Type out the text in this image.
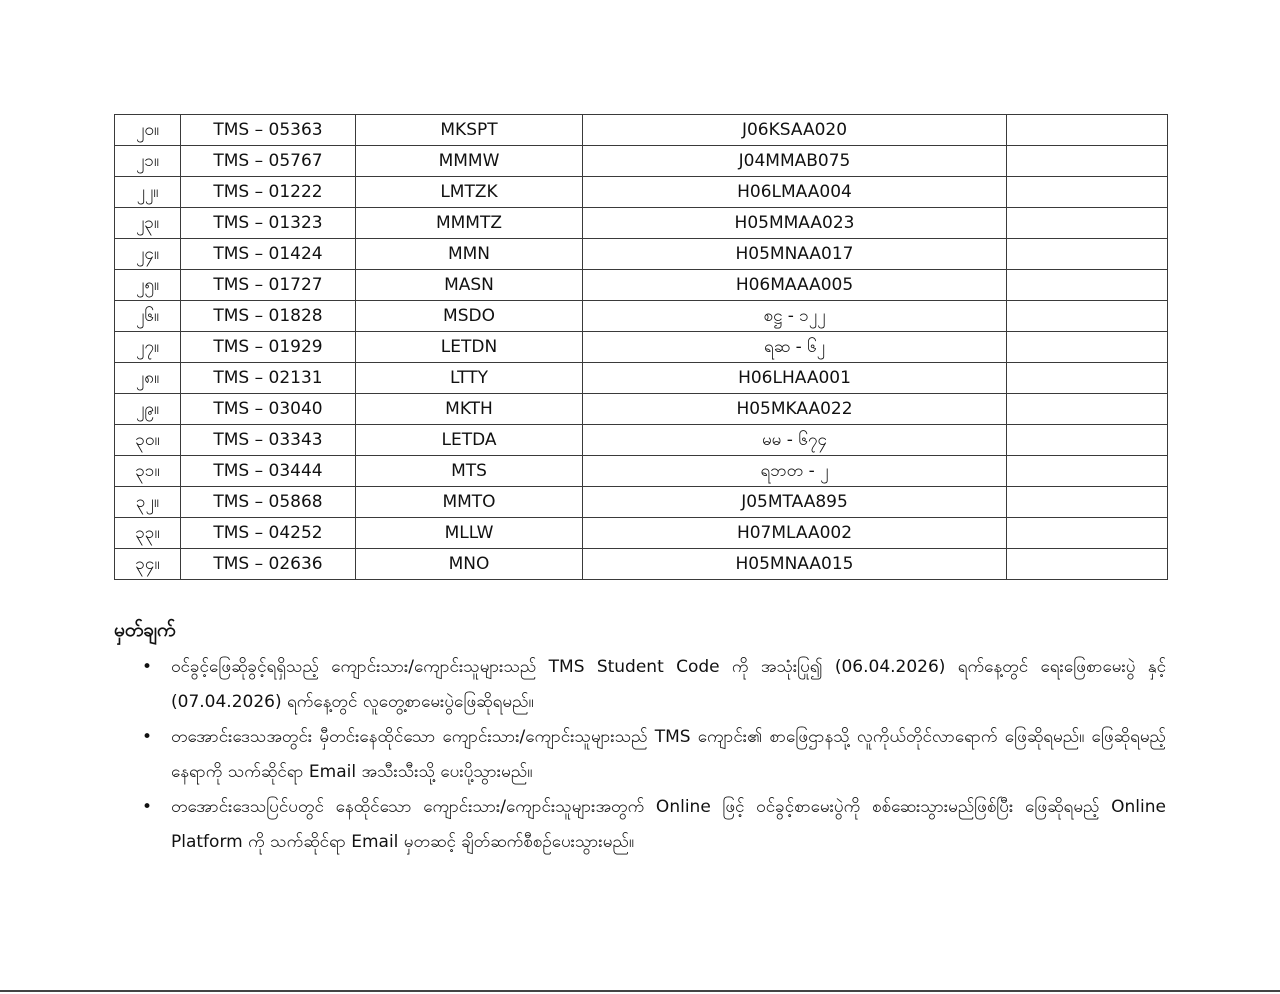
၂၀။	TMS – 05363	MKSPT	J06KSAA020	
၂၁။	TMS – 05767	MMMW	J04MMAB075	
၂၂။	TMS – 01222	LMTZK	H06LMAA004	
၂၃။	TMS – 01323	MMMTZ	H05MMAA023	
၂၄။	TMS – 01424	MMN	H05MNAA017	
၂၅။	TMS – 01727	MASN	H06MAAA005	
၂၆။	TMS – 01828	MSDO	စဋ္ဌ - ၁၂၂	
၂၇။	TMS – 01929	LETDN	ရဆ - ၆၂	
၂၈။	TMS – 02131	LTTY	H06LHAA001	
၂၉။	TMS – 03040	MKTH	H05MKAA022	
၃၀။	TMS – 03343	LETDA	မမ - ၆၇၄	
၃၁။	TMS – 03444	MTS	ရဘတ - ၂	
၃၂။	TMS – 05868	MMTO	J05MTAA895	
၃၃။	TMS – 04252	MLLW	H07MLAA002	
၃၄။	TMS – 02636	MNO	H05MNAA015	
မှတ်ချက်
• ဝင်ခွင့်ဖြေဆိုခွင့်ရရှိသည့် ကျောင်းသား/ကျောင်းသူများသည် TMS Student Code ကို အသုံးပြု၍ (06.04.2026) ရက်နေ့တွင် ရေးဖြေစာမေးပွဲ နှင့် (07.04.2026) ရက်နေ့တွင် လူတွေ့စာမေးပွဲဖြေဆိုရမည်။
• တအောင်းဒေသအတွင်း မှီတင်းနေထိုင်သော ကျောင်းသား/ကျောင်းသူများသည် TMS ကျောင်း၏ စာဖြေဌာနသို့ လူကိုယ်တိုင်လာရောက် ဖြေဆိုရမည်။ ဖြေဆိုရမည့်နေရာကို သက်ဆိုင်ရာ Email အသီးသီးသို့ ပေးပို့သွားမည်။
• တအောင်းဒေသပြင်ပတွင် နေထိုင်သော ကျောင်းသား/ကျောင်းသူများအတွက် Online ဖြင့် ဝင်ခွင့်စာမေးပွဲကို စစ်ဆေးသွားမည်ဖြစ်ပြီး ဖြေဆိုရမည့် Online Platform ကို သက်ဆိုင်ရာ Email မှတဆင့် ချိတ်ဆက်စီစဉ်ပေးသွားမည်။
